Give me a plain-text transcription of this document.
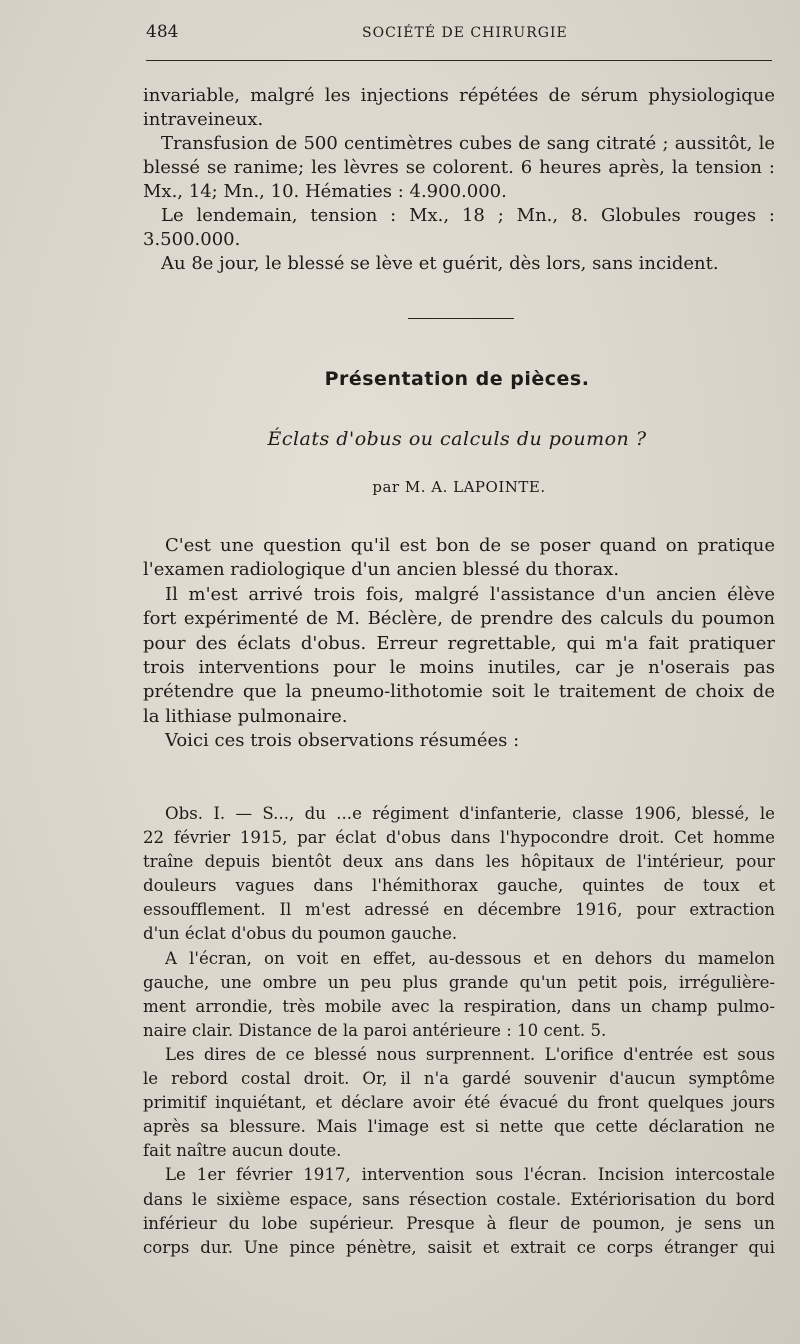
484	SOCIÉTÉ DE CHIRURGIE
invariable, malgré les injections répétées de sérum physiologique
intraveineux.
Transfusion de 500 centimètres cubes de sang citraté ; aussitôt, le
blessé se ranime; les lèvres se colorent. 6 heures après, la tension :
Mx., 14; Mn., 10. Hématies : 4.900.000.
Le lendemain, tension : Mx., 18 ; Mn., 8. Globules rouges :
3.500.000.
Au 8e jour, le blessé se lève et guérit, dès lors, sans incident.
Présentation de pièces.
Éclats d'obus ou calculs du poumon ?
par M. A. LAPOINTE.
C'est une question qu'il est bon de se poser quand on pratique
l'examen radiologique d'un ancien blessé du thorax.
Il m'est arrivé trois fois, malgré l'assistance d'un ancien élève
fort expérimenté de M. Béclère, de prendre des calculs du poumon
pour des éclats d'obus. Erreur regrettable, qui m'a fait pratiquer
trois interventions pour le moins inutiles, car je n'oserais pas
prétendre que la pneumo-lithotomie soit le traitement de choix de
la lithiase pulmonaire.
Voici ces trois observations résumées :
Obs. I. — S..., du ...e régiment d'infanterie, classe 1906, blessé, le
22 février 1915, par éclat d'obus dans l'hypocondre droit. Cet homme
traîne depuis bientôt deux ans dans les hôpitaux de l'intérieur, pour
douleurs vagues dans l'hémithorax gauche, quintes de toux et
essoufflement. Il m'est adressé en décembre 1916, pour extraction
d'un éclat d'obus du poumon gauche.
A l'écran, on voit en effet, au-dessous et en dehors du mamelon
gauche, une ombre un peu plus grande qu'un petit pois, irrégulière-
ment arrondie, très mobile avec la respiration, dans un champ pulmo-
naire clair. Distance de la paroi antérieure : 10 cent. 5.
Les dires de ce blessé nous surprennent. L'orifice d'entrée est sous
le rebord costal droit. Or, il n'a gardé souvenir d'aucun symptôme
primitif inquiétant, et déclare avoir été évacué du front quelques jours
après sa blessure. Mais l'image est si nette que cette déclaration ne
fait naître aucun doute.
Le 1er février 1917, intervention sous l'écran. Incision intercostale
dans le sixième espace, sans résection costale. Extériorisation du bord
inférieur du lobe supérieur. Presque à fleur de poumon, je sens un
corps dur. Une pince pénètre, saisit et extrait ce corps étranger qui
